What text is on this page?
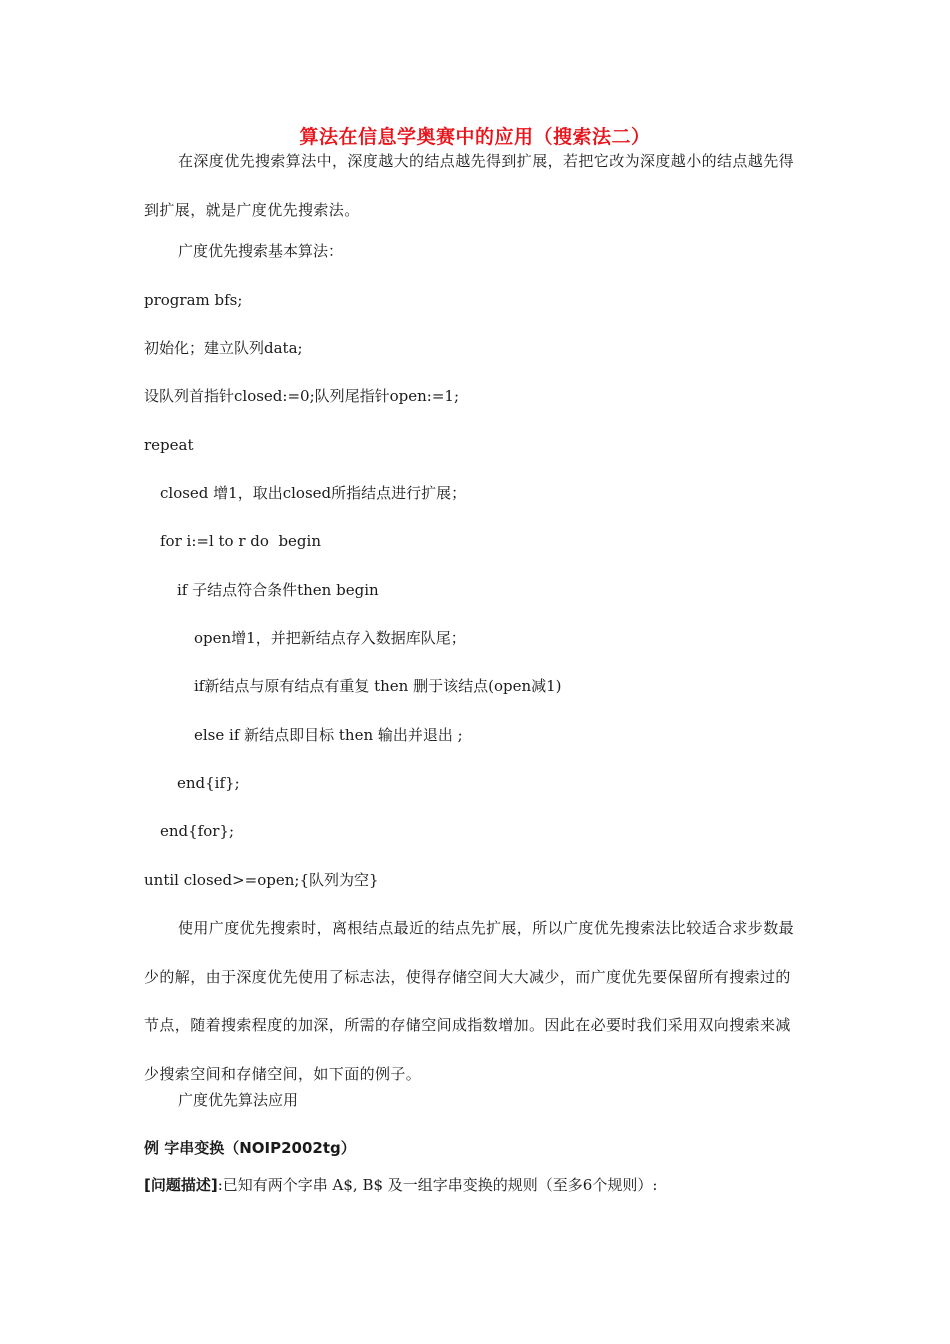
算法在信息学奥赛中的应用（搜索法二）
在深度优先搜索算法中，深度越大的结点越先得到扩展，若把它改为深度越小的结点越先得到扩展，就是广度优先搜索法。
广度优先搜索基本算法：
program bfs;
初始化；建立队列data;
设队列首指针closed:=0;队列尾指针open:=1;
repeat
closed 增1，取出closed所指结点进行扩展；
for i:=l to r do  begin
if 子结点符合条件then begin
open增1，并把新结点存入数据库队尾；
if新结点与原有结点有重复 then 删于该结点(open减1)
else if 新结点即目标 then 输出并退出 ;
end{if};
end{for};
until closed>=open;{队列为空}
使用广度优先搜索时，离根结点最近的结点先扩展，所以广度优先搜索法比较适合求步数最少的解，由于深度优先使用了标志法，使得存储空间大大减少，而广度优先要保留所有搜索过的节点，随着搜索程度的加深，所需的存储空间成指数增加。因此在必要时我们采用双向搜索来减少搜索空间和存储空间，如下面的例子。
广度优先算法应用
例 字串变换（NOIP2002tg）
[问题描述]:已知有两个字串 A$, B$ 及一组字串变换的规则（至多6个规则）:
